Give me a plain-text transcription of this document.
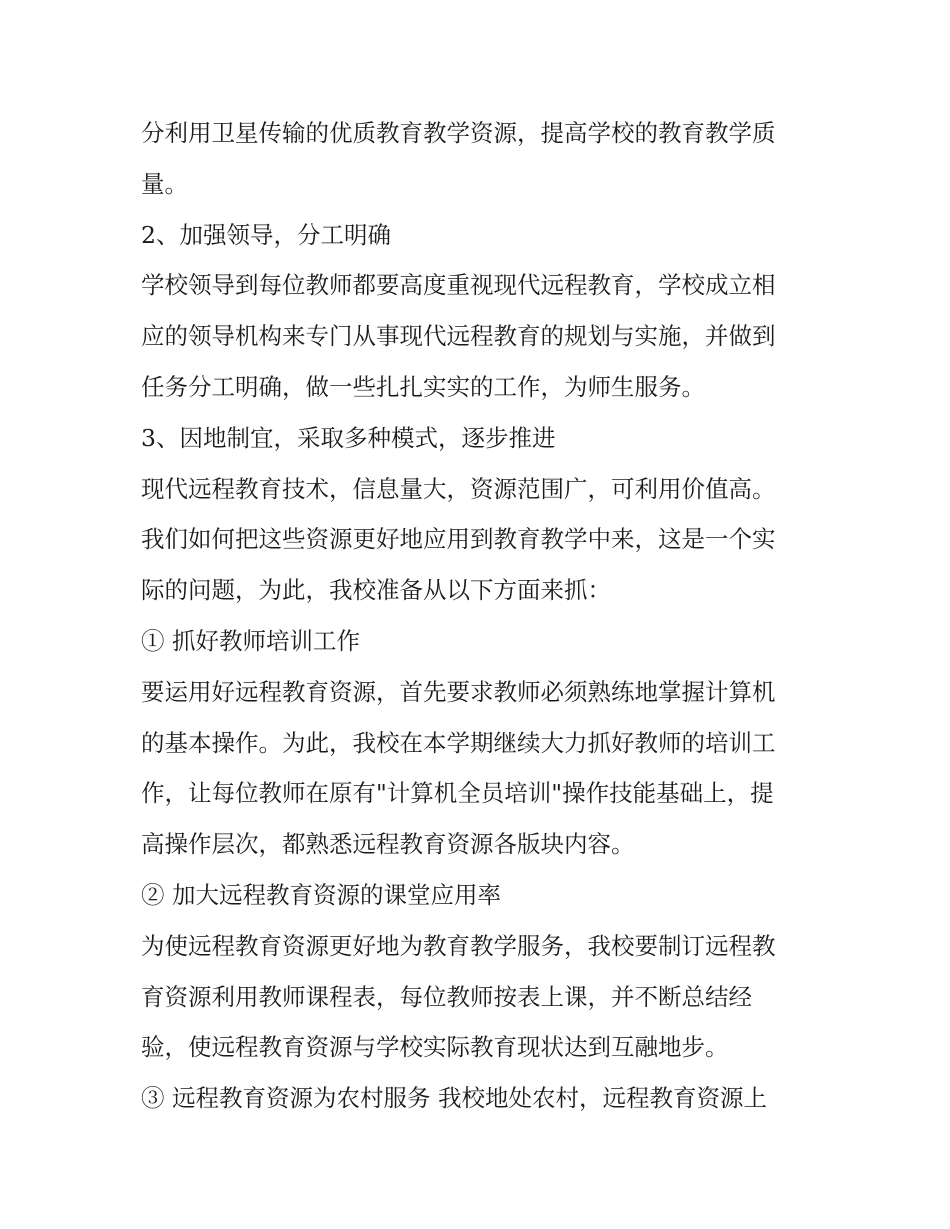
分利用卫星传输的优质教育教学资源，提高学校的教育教学质
量。
2、加强领导，分工明确
学校领导到每位教师都要高度重视现代远程教育，学校成立相
应的领导机构来专门从事现代远程教育的规划与实施，并做到
任务分工明确，做一些扎扎实实的工作，为师生服务。
3、因地制宜，采取多种模式，逐步推进
现代远程教育技术，信息量大，资源范围广，可利用价值高。
我们如何把这些资源更好地应用到教育教学中来，这是一个实
际的问题，为此，我校准备从以下方面来抓：
① 抓好教师培训工作
要运用好远程教育资源，首先要求教师必须熟练地掌握计算机
的基本操作。为此，我校在本学期继续大力抓好教师的培训工
作，让每位教师在原有"计算机全员培训"操作技能基础上，提
高操作层次，都熟悉远程教育资源各版块内容。
② 加大远程教育资源的课堂应用率
为使远程教育资源更好地为教育教学服务，我校要制订远程教
育资源利用教师课程表，每位教师按表上课，并不断总结经
验，使远程教育资源与学校实际教育现状达到互融地步。
③ 远程教育资源为农村服务 我校地处农村，远程教育资源上
